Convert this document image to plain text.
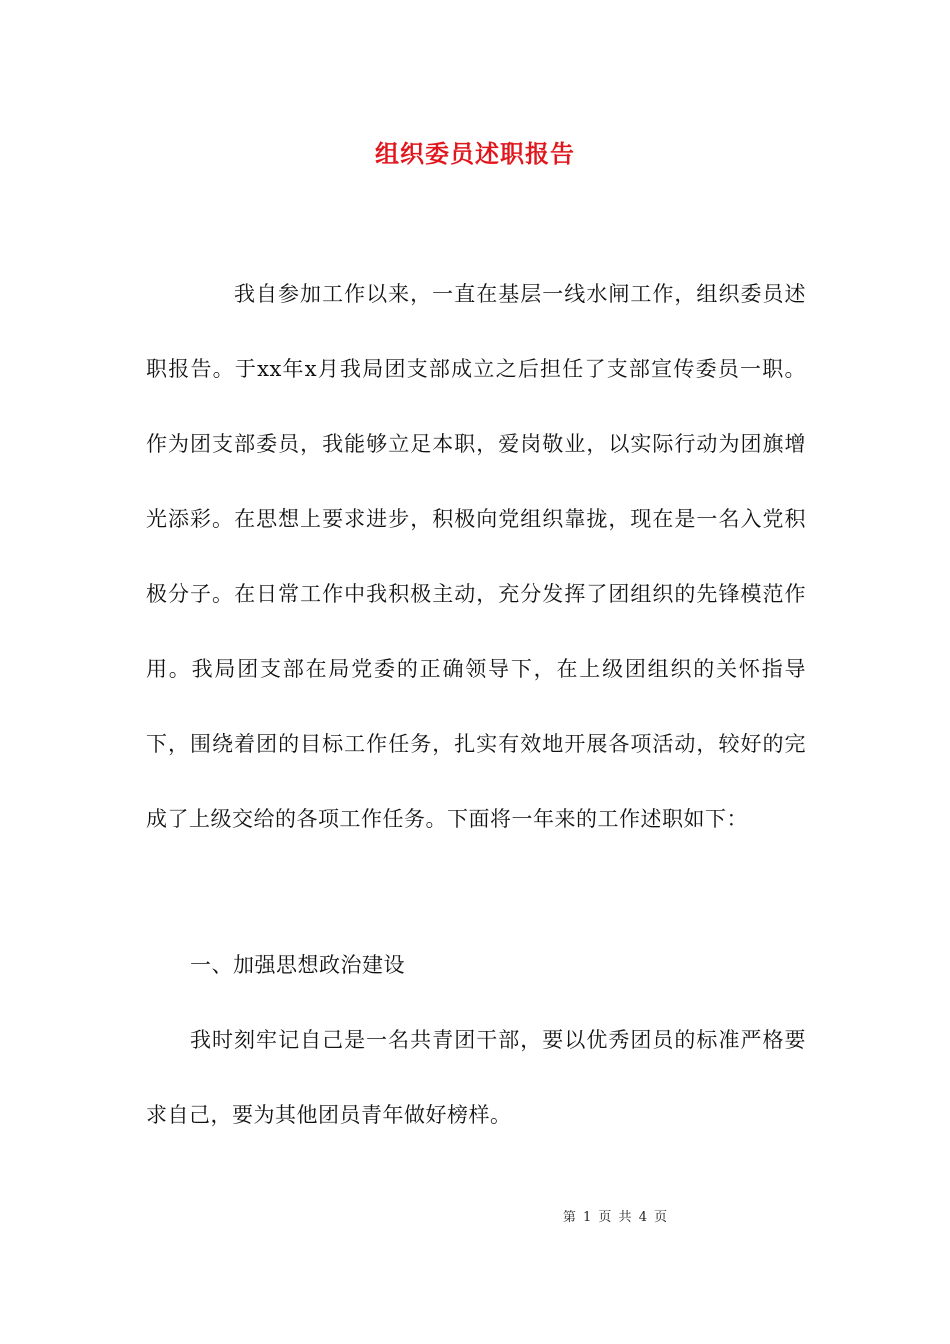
组织委员述职报告
我自参加工作以来，一直在基层一线水闸工作，组织委员述职报告。于xx年x月我局团支部成立之后担任了支部宣传委员一职。作为团支部委员，我能够立足本职，爱岗敬业，以实际行动为团旗增光添彩。在思想上要求进步，积极向党组织靠拢，现在是一名入党积极分子。在日常工作中我积极主动，充分发挥了团组织的先锋模范作用。我局团支部在局党委的正确领导下，在上级团组织的关怀指导下，围绕着团的目标工作任务，扎实有效地开展各项活动，较好的完成了上级交给的各项工作任务。下面将一年来的工作述职如下：
一、加强思想政治建设
我时刻牢记自己是一名共青团干部，要以优秀团员的标准严格要求自己，要为其他团员青年做好榜样。
第 1 页 共 4 页
